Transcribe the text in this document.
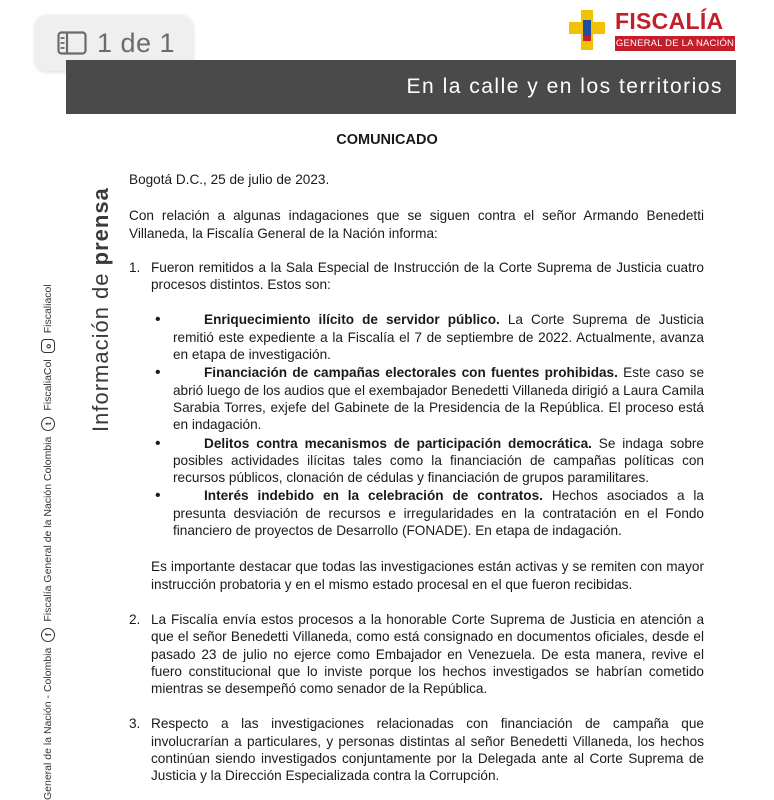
1 de 1
FISCALÍA
GENERAL DE LA NACIÓN
En la calle y en los territorios
General de la Nación - Colombia
f
Fiscalía General de la Nación Colombia
t
FiscaliaCol
o
Fiscaliacol Información de prensa
COMUNICADO

Bogotá D.C., 25 de julio de 2023.

Con relación a algunas indagaciones que se siguen contra el señor Armando Benedetti Villaneda, la Fiscalía General de la Nación informa:

1. Fueron remitidos a la Sala Especial de Instrucción de la Corte Suprema de Justicia cuatro procesos distintos. Estos son:

• Enriquecimiento ilícito de servidor público. La Corte Suprema de Justicia remitió este expediente a la Fiscalía el 7 de septiembre de 2022. Actualmente, avanza en etapa de investigación.
• Financiación de campañas electorales con fuentes prohibidas. Este caso se abrió luego de los audios que el exembajador Benedetti Villaneda dirigió a Laura Camila Sarabia Torres, exjefe del Gabinete de la Presidencia de la República. El proceso está en indagación.
• Delitos contra mecanismos de participación democrática. Se indaga sobre posibles actividades ilícitas tales como la financiación de campañas políticas con recursos públicos, clonación de cédulas y financiación de grupos paramilitares.
• Interés indebido en la celebración de contratos. Hechos asociados a la presunta desviación de recursos e irregularidades en la contratación en el Fondo financiero de proyectos de Desarrollo (FONADE). En etapa de indagación.

Es importante destacar que todas las investigaciones están activas y se remiten con mayor instrucción probatoria y en el mismo estado procesal en el que fueron recibidas.

2. La Fiscalía envía estos procesos a la honorable Corte Suprema de Justicia en atención a que el señor Benedetti Villaneda, como está consignado en documentos oficiales, desde el pasado 23 de julio no ejerce como Embajador en Venezuela. De esta manera, revive el fuero constitucional que lo inviste porque los hechos investigados se habrían cometido mientras se desempeñó como senador de la República.

3. Respecto a las investigaciones relacionadas con financiación de campaña que involucrarían a particulares, y personas distintas al señor Benedetti Villaneda, los hechos continúan siendo investigados conjuntamente por la Delegada ante al Corte Suprema de Justicia y la Dirección Especializada contra la Corrupción.
